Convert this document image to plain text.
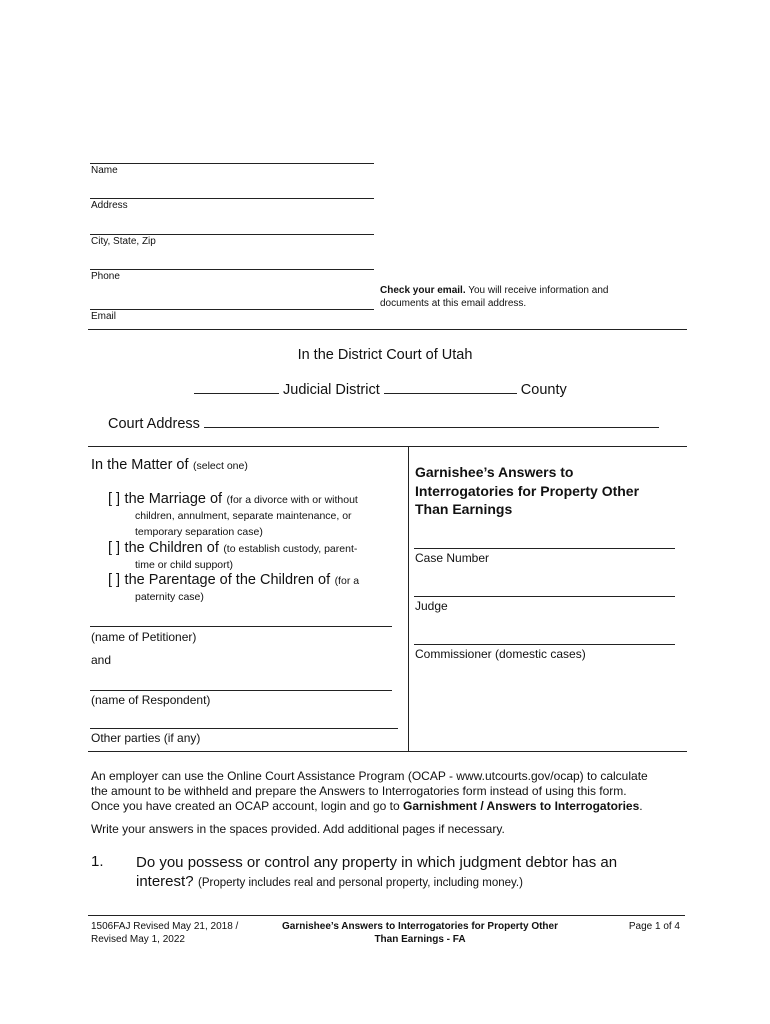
Name
Address
City, State, Zip
Phone
Email
Check your email. You will receive information and
documents at this email address.
In the District Court of Utah
Judicial District	County
Court Address
In the Matter of (select one)
[ ] the Marriage of (for a divorce with or without
children, annulment, separate maintenance, or
temporary separation case)
[ ] the Children of (to establish custody, parent-
time or child support)
[ ] the Parentage of the Children of (for a
paternity case)
(name of Petitioner)
and
(name of Respondent)
Other parties (if any)
Garnishee’s Answers to
Interrogatories for Property Other
Than Earnings
Case Number
Judge
Commissioner (domestic cases)
An employer can use the Online Court Assistance Program (OCAP - www.utcourts.gov/ocap) to calculate
the amount to be withheld and prepare the Answers to Interrogatories form instead of using this form.
Once you have created an OCAP account, login and go to Garnishment / Answers to Interrogatories.
Write your answers in the spaces provided. Add additional pages if necessary.
1. Do you possess or control any property in which judgment debtor has an
interest? (Property includes real and personal property, including money.)
1506FAJ Revised May 21, 2018 /
Revised May 1, 2022
Garnishee’s Answers to Interrogatories for Property Other
Than Earnings - FA
Page 1 of 4
